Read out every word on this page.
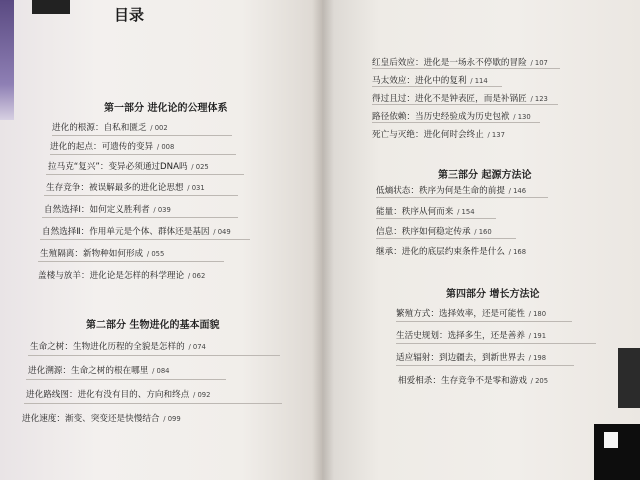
目录
第一部分 进化论的公理体系
进化的根源：自私和匮乏 / 002
进化的起点：可遗传的变异 / 008
拉马克“复兴”：变异必须通过DNA吗 / 025
生存竞争：被误解最多的进化论思想 / 031
自然选择Ⅰ：如何定义胜利者 / 039
自然选择Ⅱ：作用单元是个体、群体还是基因 / 049
生殖隔离：新物种如何形成 / 055
盖楼与放羊：进化论是怎样的科学理论 / 062
第二部分 生物进化的基本面貌
生命之树：生物进化历程的全貌是怎样的 / 074
进化溯源：生命之树的根在哪里 / 084
进化路线图：进化有没有目的、方向和终点 / 092
进化速度：渐变、突变还是快慢结合 / 099
红皇后效应：进化是一场永不停歇的冒险 / 107
马太效应：进化中的复利 / 114
得过且过：进化不是钟表匠，而是补锅匠 / 123
路径依赖：当历史经验成为历史包袱 / 130
死亡与灭绝：进化何时会终止 / 137
第三部分 起源方法论
低熵状态：秩序为何是生命的前提 / 146
能量：秩序从何而来 / 154
信息：秩序如何稳定传承 / 160
继承：进化的底层约束条件是什么 / 168
第四部分 增长方法论
繁殖方式：选择效率，还是可能性 / 180
生活史规划：选择多生，还是善养 / 191
适应辐射：到边疆去，到新世界去 / 198
相爱相杀：生存竞争不是零和游戏 / 205
